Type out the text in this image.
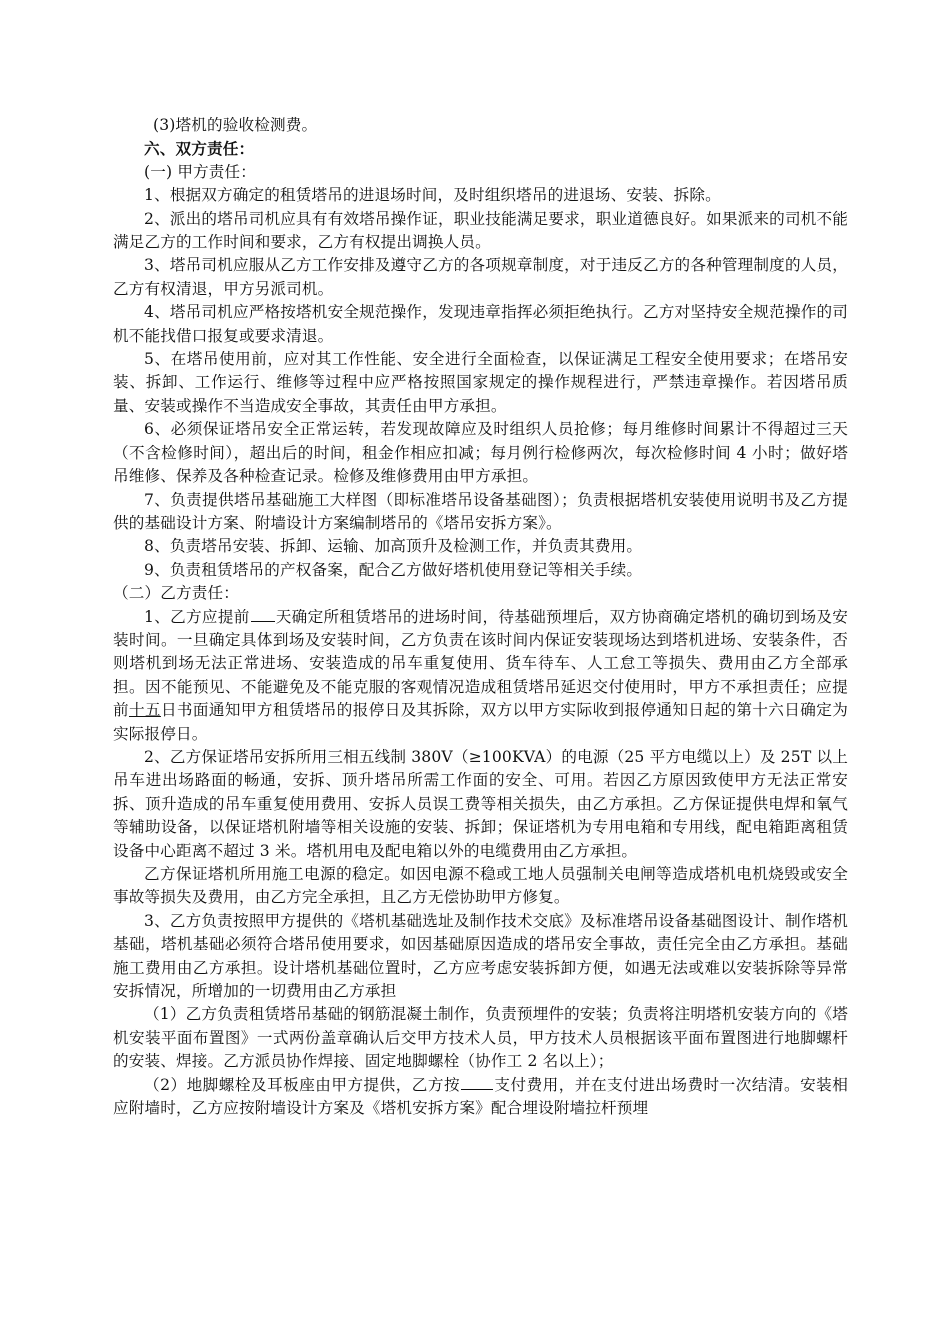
(3)塔机的验收检测费。

六、双方责任：

(一) 甲方责任：

1、根据双方确定的租赁塔吊的进退场时间，及时组织塔吊的进退场、安装、拆除。

2、派出的塔吊司机应具有有效塔吊操作证，职业技能满足要求，职业道德良好。如果派来的司机不能满足乙方的工作时间和要求，乙方有权提出调换人员。

3、塔吊司机应服从乙方工作安排及遵守乙方的各项规章制度，对于违反乙方的各种管理制度的人员，乙方有权清退，甲方另派司机。

4、塔吊司机应严格按塔机安全规范操作，发现违章指挥必须拒绝执行。乙方对坚持安全规范操作的司机不能找借口报复或要求清退。

5、在塔吊使用前，应对其工作性能、安全进行全面检查，以保证满足工程安全使用要求；在塔吊安装、拆卸、工作运行、维修等过程中应严格按照国家规定的操作规程进行，严禁违章操作。若因塔吊质量、安装或操作不当造成安全事故，其责任由甲方承担。

6、必须保证塔吊安全正常运转，若发现故障应及时组织人员抢修；每月维修时间累计不得超过三天（不含检修时间），超出后的时间，租金作相应扣减；每月例行检修两次，每次检修时间 4 小时；做好塔吊维修、保养及各种检查记录。检修及维修费用由甲方承担。

7、负责提供塔吊基础施工大样图（即标准塔吊设备基础图）；负责根据塔机安装使用说明书及乙方提供的基础设计方案、附墙设计方案编制塔吊的《塔吊安拆方案》。

8、负责塔吊安装、拆卸、运输、加高顶升及检测工作，并负责其费用。

9、负责租赁塔吊的产权备案，配合乙方做好塔机使用登记等相关手续。

（二）乙方责任：

1、乙方应提前 天确定所租赁塔吊的进场时间，待基础预埋后，双方协商确定塔机的确切到场及安装时间。一旦确定具体到场及安装时间，乙方负责在该时间内保证安装现场达到塔机进场、安装条件，否则塔机到场无法正常进场、安装造成的吊车重复使用、货车待车、人工怠工等损失、费用由乙方全部承担。因不能预见、不能避免及不能克服的客观情况造成租赁塔吊延迟交付使用时，甲方不承担责任；应提前十五日书面通知甲方租赁塔吊的报停日及其拆除，双方以甲方实际收到报停通知日起的第十六日确定为实际报停日。

2、乙方保证塔吊安拆所用三相五线制 380V（≥100KVA）的电源（25 平方电缆以上）及 25T 以上吊车进出场路面的畅通，安拆、顶升塔吊所需工作面的安全、可用。若因乙方原因致使甲方无法正常安拆、顶升造成的吊车重复使用费用、安拆人员误工费等相关损失，由乙方承担。乙方保证提供电焊和氧气等辅助设备，以保证塔机附墙等相关设施的安装、拆卸；保证塔机为专用电箱和专用线，配电箱距离租赁设备中心距离不超过 3 米。塔机用电及配电箱以外的电缆费用由乙方承担。

乙方保证塔机所用施工电源的稳定。如因电源不稳或工地人员强制关电闸等造成塔机电机烧毁或安全事故等损失及费用，由乙方完全承担，且乙方无偿协助甲方修复。

3、乙方负责按照甲方提供的《塔机基础选址及制作技术交底》及标准塔吊设备基础图设计、制作塔机基础，塔机基础必须符合塔吊使用要求，如因基础原因造成的塔吊安全事故，责任完全由乙方承担。基础施工费用由乙方承担。设计塔机基础位置时，乙方应考虑安装拆卸方便，如遇无法或难以安装拆除等异常安拆情况，所增加的一切费用由乙方承担

（1）乙方负责租赁塔吊基础的钢筋混凝土制作，负责预埋件的安装；负责将注明塔机安装方向的《塔机安装平面布置图》一式两份盖章确认后交甲方技术人员，甲方技术人员根据该平面布置图进行地脚螺杆的安装、焊接。乙方派员协作焊接、固定地脚螺栓（协作工 2 名以上）；

（2）地脚螺栓及耳板座由甲方提供，乙方按 支付费用，并在支付进出场费时一次结清。安装相应附墙时，乙方应按附墙设计方案及《塔机安拆方案》配合埋设附墙拉杆预埋
